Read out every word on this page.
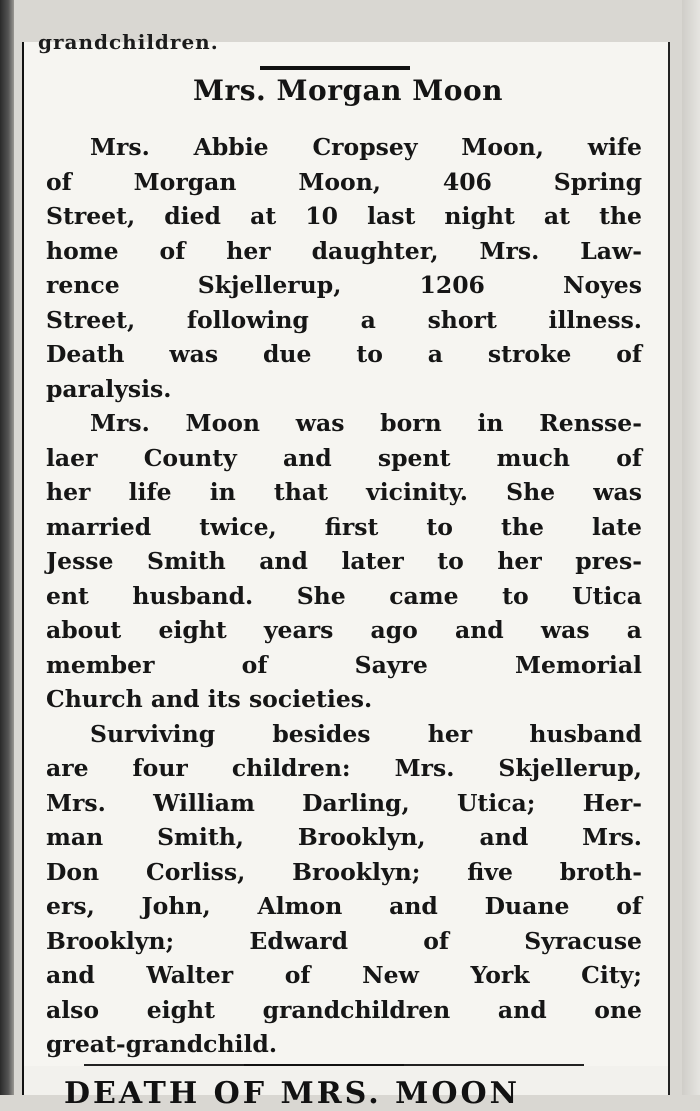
grandchildren.
Mrs. Morgan Moon
Mrs. Abbie Cropsey Moon, wife
of Morgan Moon, 406 Spring
Street, died at 10 last night at the
home of her daughter, Mrs. Law-
rence Skjellerup, 1206 Noyes
Street, following a short illness.
Death was due to a stroke of
paralysis.
Mrs. Moon was born in Rensse-
laer County and spent much of
her life in that vicinity. She was
married twice, first to the late
Jesse Smith and later to her pres-
ent husband. She came to Utica
about eight years ago and was a
member of Sayre Memorial
Church and its societies.
Surviving besides her husband
are four children: Mrs. Skjellerup,
Mrs. William Darling, Utica; Her-
man Smith, Brooklyn, and Mrs.
Don Corliss, Brooklyn; five broth-
ers, John, Almon and Duane of
Brooklyn; Edward of Syracuse
and Walter of New York City;
also eight grandchildren and one
great-grandchild.
DEATH OF MRS. MOON
